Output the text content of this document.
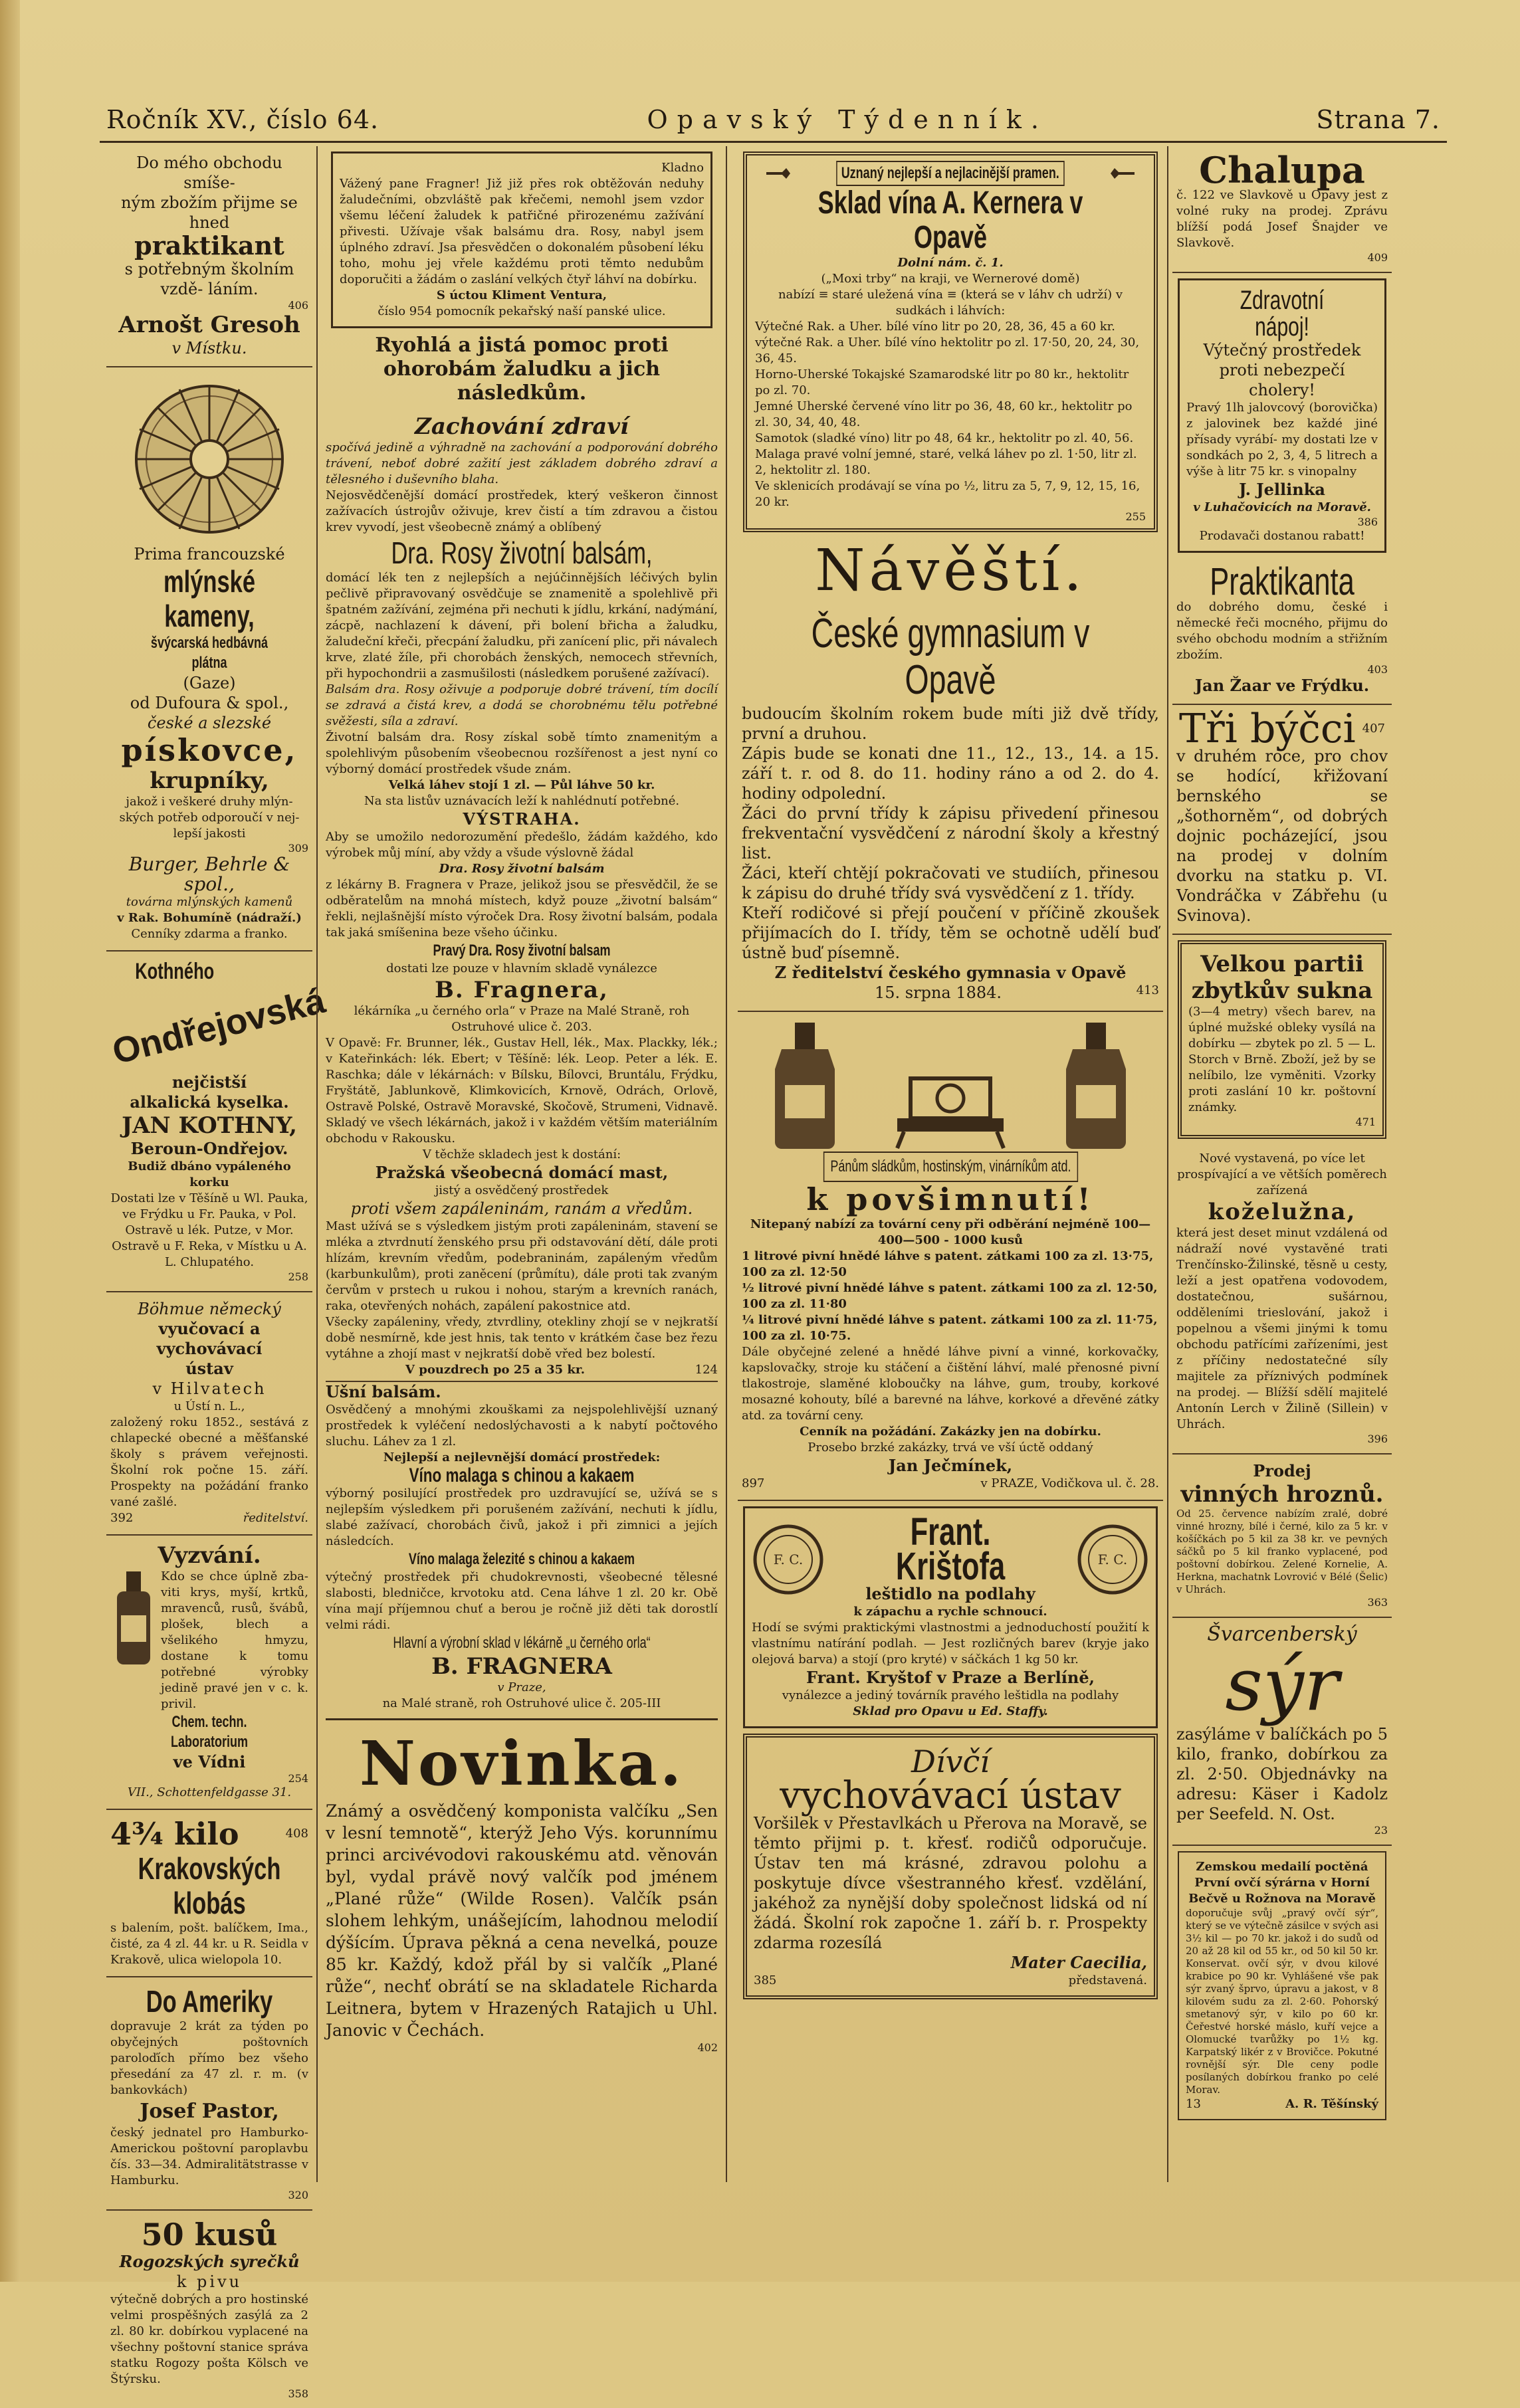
Ročník XV., číslo 64.	Opavský Týdenník.	Strana 7.
Do mého obchodu smíše-
ným zbožím přijme se hned
praktikant
s potřebným školním vzdě- láním.
406
Arnošt Gresoh
v Místku.
Prima francouzské
mlýnské kameny,
švýcarská hedbávná plátna
(Gaze)
od Dufoura & spol.,
české a slezské
pískovce,
krupníky,
jakož i veškeré druhy mlýn- ských potřeb odporoučí v nej- lepší jakosti
309
Burger, Behrle & spol.,
továrna mlýnských kamenů
v Rak. Bohumíně (nádraží.)
Cenníky zdarma a franko.
Kothného
Ondřejovská
nejčistší
alkalická kyselka.
JAN KOTHNY,
Beroun-Ondřejov.
Budiž dbáno vypáleného korku
Dostati lze v Těšíně u Wl. Pauka, ve Frýdku u Fr. Pauka, v Pol. Ostravě u lék. Putze, v Mor. Ostravě u F. Reka, v Místku u A. L. Chlupatého.
258
Böhmue německý
vyučovací a vychovávací
ústav
v Hilvatech
u Ústí n. L.,
založený roku 1852., sestává z chlapecké obecné a měšťanské školy s právem veřejnosti. Školní rok počne 15. září. Prospekty na požádání franko vané zašlé.
392	ředitelství.
Vyzvání.
Kdo se chce úplně zba- viti krys, myší, krtků, mravenců, rusů, švábů, plošek, blech a všelikého hmyzu, dostane k tomu potřebné výrobky jedině pravé jen v c. k. privil.
Chem. techn. Laboratorium
ve Vídni
254
VII., Schottenfeldgasse 31.
4¾ kilo	408
Krakovských klobás
s balením, pošt. balíčkem, Ima., čisté, za 4 zl. 44 kr. u R. Seidla v Krakově, ulica wielopola 10.
Do Ameriky
dopravuje 2 krát za týden po obyčejných poštovních paroloďích přímo bez všeho přesedání za 47 zl. r. m. (v bankovkách)
Josef Pastor,
český jednatel pro Hamburko-Americkou poštovní paroplavbu čís. 33—34. Admiralitätstrasse v Hamburku.
320
50 kusů
Rogozských syrečků
k pivu
výtečně dobrých a pro hostinské velmi prospěšných zasýlá za 2 zl. 80 kr. dobírkou vyplacené na všechny poštovní stanice správa statku Rogozy pošta Kölsch ve Štýrsku.
358
Kladno
Vážený pane Fragner! Již již přes rok obtěžován neduhy žaludečními, obzvláště pak křečemi, nemohl jsem vzdor všemu léčení žaludek k patřičné přirozenému zažívání přivesti. Užívaje však balsámu dra. Rosy, nabyl jsem úplného zdraví. Jsa přesvědčen o dokonalém působení léku toho, mohu jej vřele každému proti těmto nedubům doporučiti a žádám o zaslání velkých čtyř láhví na dobírku.
S úctou Kliment Ventura,
číslo 954 pomocník pekařský naší panské ulice.
Ryohlá a jistá pomoc proti ohorobám žaludku a jich následkům.
Zachování zdraví
spočívá jedině a výhradně na zachování a podporování dobrého trávení, neboť dobré zažití jest základem dobrého zdraví a tělesného i duševního blaha.
Nejosvědčenější domácí prostředek, který veškeron činnost zažívacích ústrojův oživuje, krev čistí a tím zdravou a čistou krev vyvodí, jest všeobecně známý a oblíbený
Dra. Rosy životní balsám,
domácí lék ten z nejlepších a nejúčinnějších léčivých bylin pečlivě připravovaný osvědčuje se znamenitě a spolehlivě při špatném zažívání, zejména při nechuti k jídlu, krkání, nadýmání, zácpě, nachlazení k dávení, při bolení břicha a žaludku, žaludeční křeči, přecpání žaludku, při zanícení plic, při návalech krve, zlaté žíle, při chorobách ženských, nemocech střevních, při hypochondrii a zasmušilosti (následkem porušené zažívací).
Balsám dra. Rosy oživuje a podporuje dobré trávení, tím docílí se zdravá a čistá krev, a dodá se chorobnému tělu potřebné svěžesti, síla a zdraví.
Životní balsám dra. Rosy získal sobě tímto znamenitým a spolehlivým působením všeobecnou rozšířenost a jest nyní co výborný domácí prostředek všude znám.
Velká láhev stojí 1 zl. — Půl láhve 50 kr.
Na sta listův uznávacích leží k nahlédnutí potřebné.
VÝSTRAHA.
Aby se umožilo nedorozumění předešlo, žádám každého, kdo výrobek můj míní, aby vždy a všude výslovně žádal
Dra. Rosy životní balsám
z lékárny B. Fragnera v Praze, jelikož jsou se přesvědčil, že se odběratelům na mnohá místech, když pouze „životní balsám“ řekli, nejlašnější místo výroček Dra. Rosy životní balsám, podala tak jaká smíšenina beze všeho účinku.
Pravý Dra. Rosy životní balsam
dostati lze pouze v hlavním skladě vynálezce
B. Fragnera,
lékárníka „u černého orla“ v Praze na Malé Straně, roh Ostruhové ulice č. 203.
V Opavě: Fr. Brunner, lék., Gustav Hell, lék., Max. Plackky, lék.; v Kateřinkách: lék. Ebert; v Těšíně: lék. Leop. Peter a lék. E. Raschka; dále v lékárnách: v Bílsku, Bílovci, Bruntálu, Frýdku, Fryštátě, Jablunkově, Klimkovicích, Krnově, Odrách, Orlově, Ostravě Polské, Ostravě Moravské, Skočově, Strumeni, Vidnavě. Skladý ve všech lékárnách, jakož i v každém větším materiálním obchodu v Rakousku.
V těchže skladech jest k dostání:
Pražská všeobecná domácí mast,
jistý a osvědčený prostředek
proti všem zapáleninám, ranám a vředům.
Mast užívá se s výsledkem jistým proti zapáleninám, stavení se mléka a ztvrdnutí ženského prsu při odstavování dětí, dále proti hlízám, krevním vředům, podebraninám, zapáleným vředům (karbunkulům), proti zaněcení (průmítu), dále proti tak zvaným červům v prstech u rukou i nohou, starým a krevních ranách, raka, otevřených nohách, zapálení pakostnice atd.
Všecky zapáleniny, vředy, ztvrdliny, otekliny zhojí se v nejkratší době nesmírně, kde jest hnis, tak tento v krátkém čase bez řezu vytáhne a zhojí mast v nejkratší době vřed bez bolestí.
V pouzdrech po 25 a 35 kr.	124
Ušní balsám.
Osvědčený a mnohými zkouškami za nejspolehlivější uznaný prostředek k vyléčení nedoslýchavosti a k nabytí počtového sluchu. Láhev za 1 zl.
Nejlepší a nejlevnější domácí prostředek:
Víno malaga s chinou a kakaem
výborný posilující prostředek pro uzdravující se, užívá se s nejlepším výsledkem při porušeném zažívání, nechuti k jídlu, slabé zažívací, chorobách čivů, jakož i při zimnici a jejích následcích.
Víno malaga železité s chinou a kakaem
výtečný prostředek při chudokrevnosti, všeobecné tělesné slabosti, bledničce, krvotoku atd. Cena láhve 1 zl. 20 kr. Obě vína mají příjemnou chuť a berou je ročně již děti tak dorostlí velmi rádi.
Hlavní a výrobní sklad v lékárně „u černého orla“
B. FRAGNERA
v Praze,
na Malé straně, roh Ostruhové ulice č. 205-III
Novinka.
Známý a osvědčený komponista valčíku „Sen v lesní temnotě“, kterýž Jeho Výs. korunnímu princi arcivévodovi rakouskému atd. věnován byl, vydal právě nový valčík pod jménem „Plané růže“ (Wilde Rosen). Valčík psán slohem lehkým, unášejícím, lahodnou melodií dýšícím. Úprava pěkná a cena nevelká, pouze 85 kr. Každý, kdož přál by si valčík „Plané růže“, nechť obrátí se na skladatele Richarda Leitnera, bytem v Hrazených Ratajich u Uhl. Janovic v Čechách.
402
Uznaný nejlepší a nejlacinější pramen.
Sklad vína A. Kernera v Opavě
Dolní nám. č. 1.
(„Moxi trby“ na kraji, ve Wernerové domě)
nabízí ≡ staré uležená vína ≡ (která se v láhv ch udrží) v sudkách i láhvích:
Výtečné Rak. a Uher. bílé víno litr po 20, 28, 36, 45 a 60 kr.
výtečné Rak. a Uher. bílé víno hektolitr po zl. 17·50, 20, 24, 30, 36, 45.
Horno-Uherské Tokajské Szamarodské litr po 80 kr., hektolitr po zl. 70.
Jemné Uherské červené víno litr po 36, 48, 60 kr., hektolitr po zl. 30, 34, 40, 48.
Samotok (sladké víno) litr po 48, 64 kr., hektolitr po zl. 40, 56.
Malaga pravé volní jemné, staré, velká láhev po zl. 1·50, litr zl. 2, hektolitr zl. 180.
Ve sklenicích prodávají se vína po ½, litru za 5, 7, 9, 12, 15, 16, 20 kr.
255
Návěští.
České gymnasium v Opavě
budoucím školním rokem bude míti již dvě třídy, první a druhou.
Zápis bude se konati dne 11., 12., 13., 14. a 15. září t. r. od 8. do 11. hodiny ráno a od 2. do 4. hodiny odpolední.
Žáci do první třídy k zápisu přivedení přinesou frekventační vysvědčení z národní školy a křestný list.
Žáci, kteří chtějí pokračovati ve studiích, přinesou k zápisu do druhé třídy svá vysvědčení z 1. třídy.
Kteří rodičové si přejí poučení v příčině zkoušek přijímacích do I. třídy, těm se ochotně udělí buď ústně buď písemně.
Z ředitelství českého gymnasia v Opavě
15. srpna 1884.	413
Pánům sládkům, hostinským, vinárníkům atd.
k povšimnutí!
Nitepaný nabízí za tovární ceny při odběrání nejméně 100—400—500 - 1000 kusů
1 litrové pivní hnědé láhve s patent. zátkami 100 za zl. 13·75, 100 za zl. 12·50
½ litrové pivní hnědé láhve s patent. zátkami 100 za zl. 12·50, 100 za zl. 11·80
¼ litrové pivní hnědé láhve s patent. zátkami 100 za zl. 11·75, 100 za zl. 10·75.
Dále obyčejné zelené a hnědé láhve pivní a vinné, korkovačky, kapslovačky, stroje ku stáčení a čištění láhví, malé přenosné pivní tlakostroje, slaměné kloboučky na láhve, gum, trouby, korkové mosazné kohouty, bílé a barevné na láhve, korkové a dřevěné zátky atd. za tovární ceny.
Cenník na požádání. Zakázky jen na dobírku.
Prosebo brzké zakázky, trvá ve vší úctě oddaný
Jan Ječmínek,
897	v PRAZE, Vodičkova ul. č. 28.
F. C.
Frant. Krištofa
leštidlo na podlahy
F. C.
k zápachu a rychle schnoucí.
Hodí se svými praktickými vlastnostmi a jednoduchostí použití k vlastnímu natírání podlah. — Jest rozličných barev (kryje jako olejová barva) a stojí (pro kryté) v sáčkách 1 kg 50 kr.
Frant. Kryštof v Praze a Berlíně,
vynálezce a jediný továrník pravého leštidla na podlahy
Sklad pro Opavu u Ed. Staffy.
Dívčí
vychovávací ústav
Voršilek v Přestavlkách u Přerova na Moravě, se těmto přijmi p. t. křesť. rodičů odporučuje. Ústav ten má krásné, zdravou polohu a poskytuje dívce všestranného křesť. vzdělání, jakéhož za nynější doby společnost lidská od ní žádá. Školní rok započne 1. září b. r. Prospekty zdarma rozesílá
Mater Caecilia,
385	představená.
Chalupa
č. 122 ve Slavkově u Opavy jest z volné ruky na prodej. Zprávu blížší podá Josef Šnajder ve Slavkově.
409
Zdravotní nápoj!
Výtečný prostředek proti nebezpečí cholery!
Pravý 1lh jalovcový (borovička) z jalovinek bez každé jiné přísady vyrábí- my dostati lze v sondkách po 2, 3, 4, 5 litrech a výše à litr 75 kr. s vinopalny
J. Jellinka
v Luhačovicích na Moravě.
386
Prodavači dostanou rabatt!
Praktikanta
do dobrého domu, české i německé řeči mocného, přijmu do svého obchodu modním a střižním zbožím.
403
Jan Žaar ve Frýdku.
Tři býčci 407
v druhém roce, pro chov se hodící, křižovaní bernského se „šothorněm“, od dobrých dojnic pocházející, jsou na prodej v dolním dvorku na statku p. VI. Vondráčka v Zábřehu (u Svinova).
Velkou partii
zbytkův sukna
(3—4 metry) všech barev, na úplné mužské obleky vysílá na dobírku — zbytek po zl. 5 — L. Storch v Brně. Zboží, jež by se nelíbilo, lze vyměniti. Vzorky proti zaslání 10 kr. poštovní známky.
471
Nové vystavená, po více let prospívající a ve větších poměrech zařízená
koželužna,
která jest deset minut vzdálená od nádraží nové vystavěné trati Trenčínsko-Žilinské, těsně u cesty, leží a jest opatřena vodovodem, dostatečnou, sušárnou, odděleními trieslování, jakož i popelnou a všemi jinými k tomu obchodu patřícími zařízeními, jest z příčiny nedostatečné síly majitele za příznivých podmínek na prodej. — Blížší sdělí majitelé Antonín Lerch v Žilině (Sillein) v Uhrách.
396
Prodej
vinných hroznů.
Od 25. července nabízím zralé, dobré vinné hrozny, bílé i černé, kilo za 5 kr. v košíčkách po 5 kil za 38 kr. ve pevných sáčků po 5 kil franko vyplacené, pod poštovní dobírkou. Zelené Kornelie, A. Herkna, machatnk Lovrović v Bélé (Šelic) v Uhrách.
363
Švarcenberský
sýr
zasýláme v balíčkách po 5 kilo, franko, dobírkou za zl. 2·50. Objednávky na adresu: Käser i Kadolz per Seefeld. N. Ost.
23
Zemskou medailí poctěná
První ovčí sýrárna v Horní Bečvě u Rožnova na Moravě
doporučuje svůj „pravý ovčí sýr“, který se ve výtečně zásilce v svých asi 3½ kil — po 70 kr. jakož i do sudů od 20 až 28 kil od 55 kr., od 50 kil 50 kr. Konservat. ovčí sýr, v dvou kilové krabice po 90 kr. Vyhlášené vše pak sýr zvaný šprvo, úpravu a jakost, v 8 kilovém sudu za zl. 2·60. Pohorský smetanový sýr, v kilo po 60 kr. Čeřestvé horské máslo, kuří vejce a Olomucké tvarůžky po 1½ kg. Karpatský likér z v Brovičce. Pokutné rovnější sýr. Dle ceny podle posílaných dobírkou franko po celé Morav.
13	A. R. Těšínský
